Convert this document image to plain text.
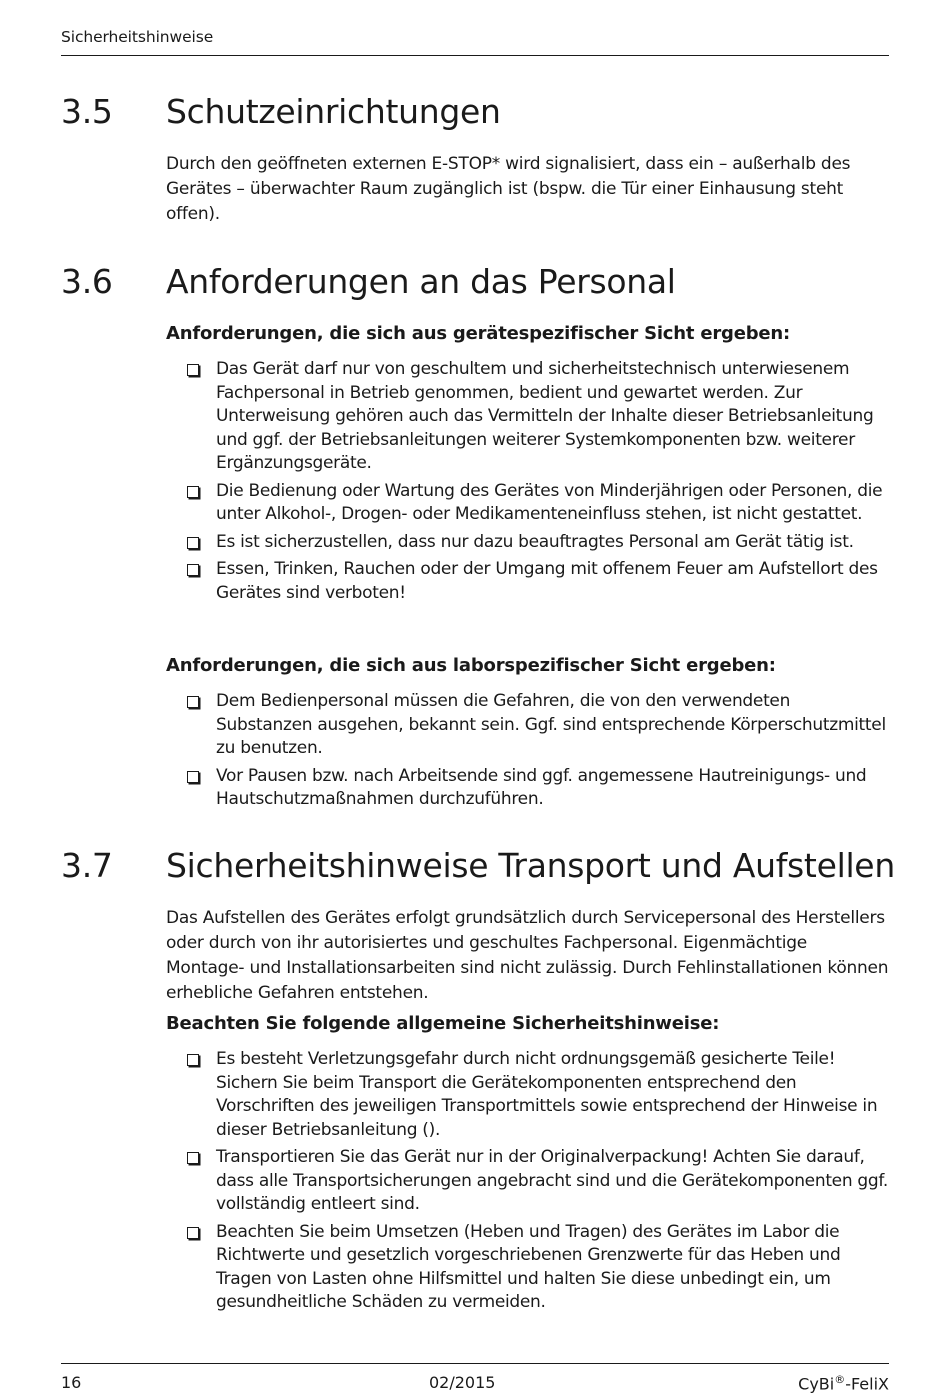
Sicherheitshinweise
3.5 Schutzeinrichtungen
Durch den geöffneten externen E-STOP* wird signalisiert, dass ein – außerhalb des Gerätes – überwachter Raum zugänglich ist (bspw. die Tür einer Einhausung steht offen).
3.6 Anforderungen an das Personal
Anforderungen, die sich aus gerätespezifischer Sicht ergeben:
Das Gerät darf nur von geschultem und sicherheitstechnisch unterwiesenem Fachpersonal in Betrieb genommen, bedient und gewartet werden. Zur Unterweisung gehören auch das Vermitteln der Inhalte dieser Betriebsanleitung und ggf. der Betriebsanleitungen weiterer Systemkomponenten bzw. weiterer Ergänzungsgeräte.
Die Bedienung oder Wartung des Gerätes von Minderjährigen oder Personen, die unter Alkohol-, Drogen- oder Medikamenteneinfluss stehen, ist nicht gestattet.
Es ist sicherzustellen, dass nur dazu beauftragtes Personal am Gerät tätig ist.
Essen, Trinken, Rauchen oder der Umgang mit offenem Feuer am Aufstellort des Gerätes sind verboten!
Anforderungen, die sich aus laborspezifischer Sicht ergeben:
Dem Bedienpersonal müssen die Gefahren, die von den verwendeten Substanzen ausgehen, bekannt sein. Ggf. sind entsprechende Körperschutzmittel zu benutzen.
Vor Pausen bzw. nach Arbeitsende sind ggf. angemessene Hautreinigungs- und Hautschutzmaßnahmen durchzuführen.
3.7 Sicherheitshinweise Transport und Aufstellen
Das Aufstellen des Gerätes erfolgt grundsätzlich durch Servicepersonal des Herstellers oder durch von ihr autorisiertes und geschultes Fachpersonal. Eigenmächtige Montage- und Installationsarbeiten sind nicht zulässig. Durch Fehlinstallationen können erhebliche Gefahren entstehen.
Beachten Sie folgende allgemeine Sicherheitshinweise:
Es besteht Verletzungsgefahr durch nicht ordnungsgemäß gesicherte Teile! Sichern Sie beim Transport die Gerätekomponenten entsprechend den Vorschriften des jeweiligen Transportmittels sowie entsprechend der Hinweise in dieser Betriebsanleitung ().
Transportieren Sie das Gerät nur in der Originalverpackung! Achten Sie darauf, dass alle Transportsicherungen angebracht sind und die Gerätekomponenten ggf. vollständig entleert sind.
Beachten Sie beim Umsetzen (Heben und Tragen) des Gerätes im Labor die Richtwerte und gesetzlich vorgeschriebenen Grenzwerte für das Heben und Tragen von Lasten ohne Hilfsmittel und halten Sie diese unbedingt ein, um gesundheitliche Schäden zu vermeiden.
16	02/2015	CyBi®-FeliX
